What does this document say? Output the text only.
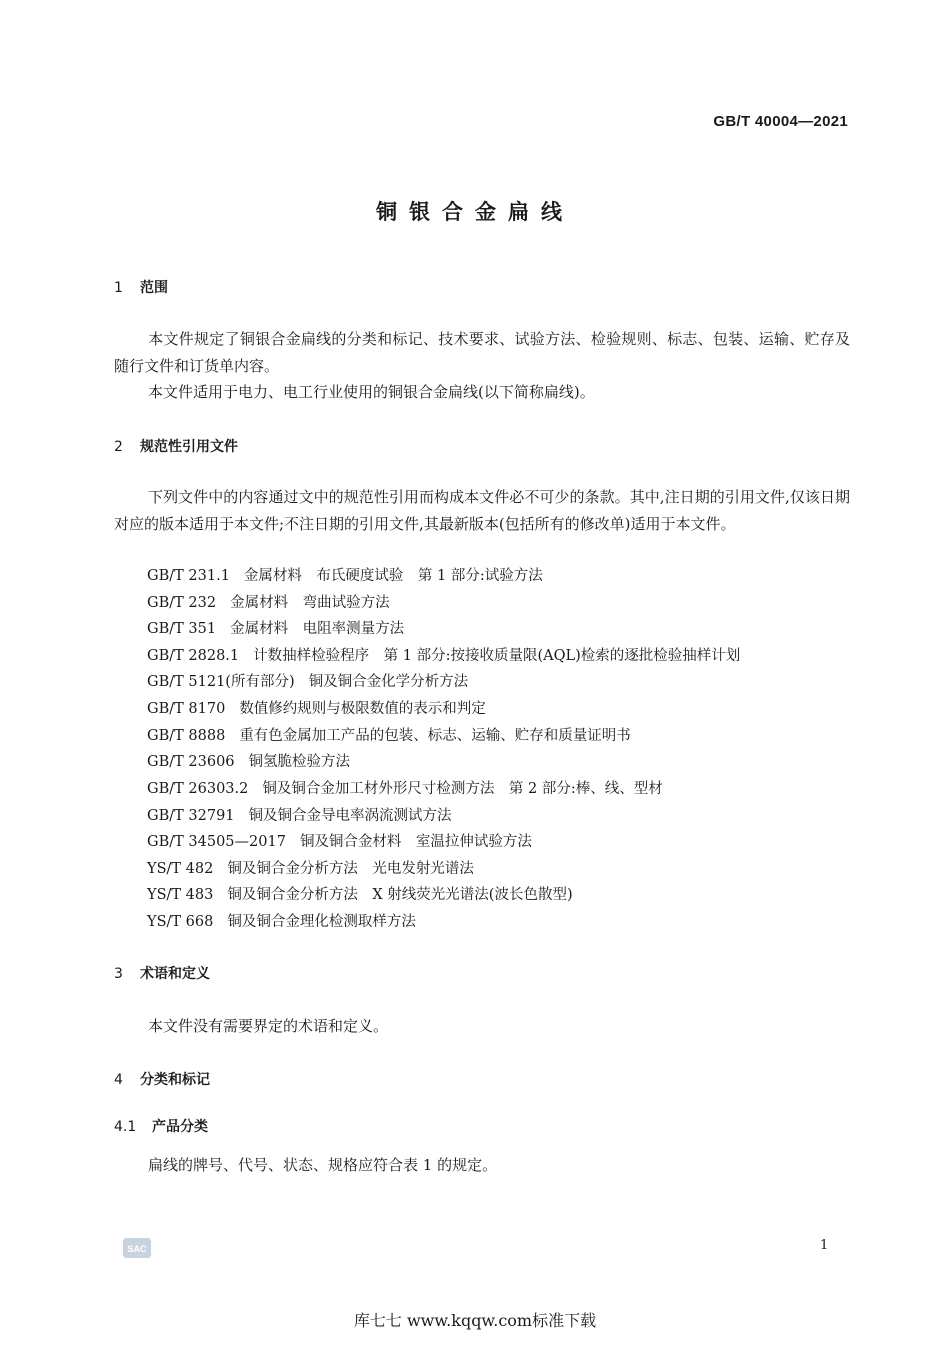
GB/T 40004—2021
铜银合金扁线
1 范围
本文件规定了铜银合金扁线的分类和标记、技术要求、试验方法、检验规则、标志、包装、运输、贮存及随行文件和订货单内容。
本文件适用于电力、电工行业使用的铜银合金扁线(以下简称扁线)。
2 规范性引用文件
下列文件中的内容通过文中的规范性引用而构成本文件必不可少的条款。其中,注日期的引用文件,仅该日期对应的版本适用于本文件;不注日期的引用文件,其最新版本(包括所有的修改单)适用于本文件。
GB/T 231.1 金属材料　布氏硬度试验　第 1 部分:试验方法
GB/T 232 金属材料　弯曲试验方法
GB/T 351 金属材料　电阻率测量方法
GB/T 2828.1 计数抽样检验程序　第 1 部分:按接收质量限(AQL)检索的逐批检验抽样计划
GB/T 5121(所有部分) 铜及铜合金化学分析方法
GB/T 8170 数值修约规则与极限数值的表示和判定
GB/T 8888 重有色金属加工产品的包装、标志、运输、贮存和质量证明书
GB/T 23606 铜氢脆检验方法
GB/T 26303.2 铜及铜合金加工材外形尺寸检测方法　第 2 部分:棒、线、型材
GB/T 32791 铜及铜合金导电率涡流测试方法
GB/T 34505—2017 铜及铜合金材料　室温拉伸试验方法
YS/T 482 铜及铜合金分析方法　光电发射光谱法
YS/T 483 铜及铜合金分析方法　X 射线荧光光谱法(波长色散型)
YS/T 668 铜及铜合金理化检测取样方法
3 术语和定义
本文件没有需要界定的术语和定义。
4 分类和标记
4.1 产品分类
扁线的牌号、代号、状态、规格应符合表 1 的规定。
SAC	1
库七七 www.kqqw.com标准下载
